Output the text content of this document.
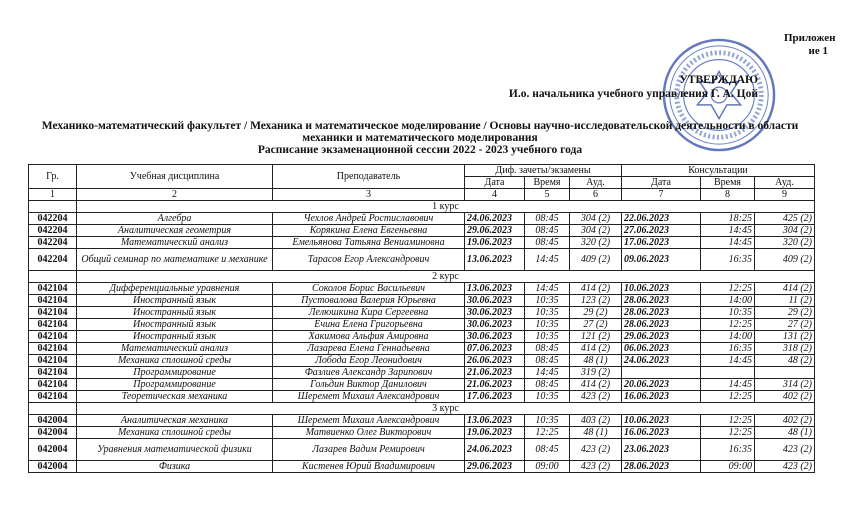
Приложен
ие 1
УТВЕРЖДАЮ
И.о. начальника учебного управления Г. А. Цой
Механико-математический факультет / Механика и математическое моделирование / Основы научно-исследовательской деятельности в области
механики и математического моделирования
Расписание экзаменационной сессии 2022 - 2023 учебного года
Гр.	Учебная дисциплина	Преподаватель	Диф. зачеты/экзамены			Консультации		
			Дата	Время	Ауд.	Дата	Время	Ауд.
1	2	3	4	5	6	7	8	9
	1 курс							
042204	Алгебра	Чехлов Андрей Ростиславович	24.06.2023	08:45	304 (2)	22.06.2023	18:25	425 (2)
042204	Аналитическая геометрия	Корякина Елена Евгеньевна	29.06.2023	08:45	304 (2)	27.06.2023	14:45	304 (2)
042204	Математический анализ	Емельянова Татьяна Вениаминовна	19.06.2023	08:45	320 (2)	17.06.2023	14:45	320 (2)
042204	Общий семинар по математике и механике	Тарасов Егор Александрович	13.06.2023	14:45	409 (2)	09.06.2023	16:35	409 (2)
	2 курс							
042104	Дифференциальные уравнения	Соколов Борис Васильевич	13.06.2023	14:45	414 (2)	10.06.2023	12:25	414 (2)
042104	Иностранный язык	Пустовалова Валерия Юрьевна	30.06.2023	10:35	123 (2)	28.06.2023	14:00	11 (2)
042104	Иностранный язык	Лелюшкина Кира Сергеевна	30.06.2023	10:35	29 (2)	28.06.2023	10:35	29 (2)
042104	Иностранный язык	Ечина Елена Григорьевна	30.06.2023	10:35	27 (2)	28.06.2023	12:25	27 (2)
042104	Иностранный язык	Хакимова Альфия Амировна	30.06.2023	10:35	121 (2)	29.06.2023	14:00	131 (2)
042104	Математический анализ	Лазарева Елена Геннадьевна	07.06.2023	08:45	414 (2)	06.06.2023	16:35	318 (2)
042104	Механика сплошной среды	Лобода Егор Леонидович	26.06.2023	08:45	48 (1)	24.06.2023	14:45	48 (2)
042104	Программирование	Фазлиев Александр Зарипович	21.06.2023	14:45	319 (2)			
042104	Программирование	Гольдин Виктор Данилович	21.06.2023	08:45	414 (2)	20.06.2023	14:45	314 (2)
042104	Теоретическая механика	Шеремет Михаил Александрович	17.06.2023	10:35	423 (2)	16.06.2023	12:25	402 (2)
	3 курс							
042004	Аналитическая механика	Шеремет Михаил Александрович	13.06.2023	10:35	403 (2)	10.06.2023	12:25	402 (2)
042004	Механика сплошной среды	Матвиенко Олег Викторович	19.06.2023	12:25	48 (1)	16.06.2023	12:25	48 (1)
042004	Уравнения математической физики	Лазарев Вадим Ремирович	24.06.2023	08:45	423 (2)	23.06.2023	16:35	423 (2)
042004	Физика	Кистенев Юрий Владимирович	29.06.2023	09:00	423 (2)	28.06.2023	09:00	423 (2)
